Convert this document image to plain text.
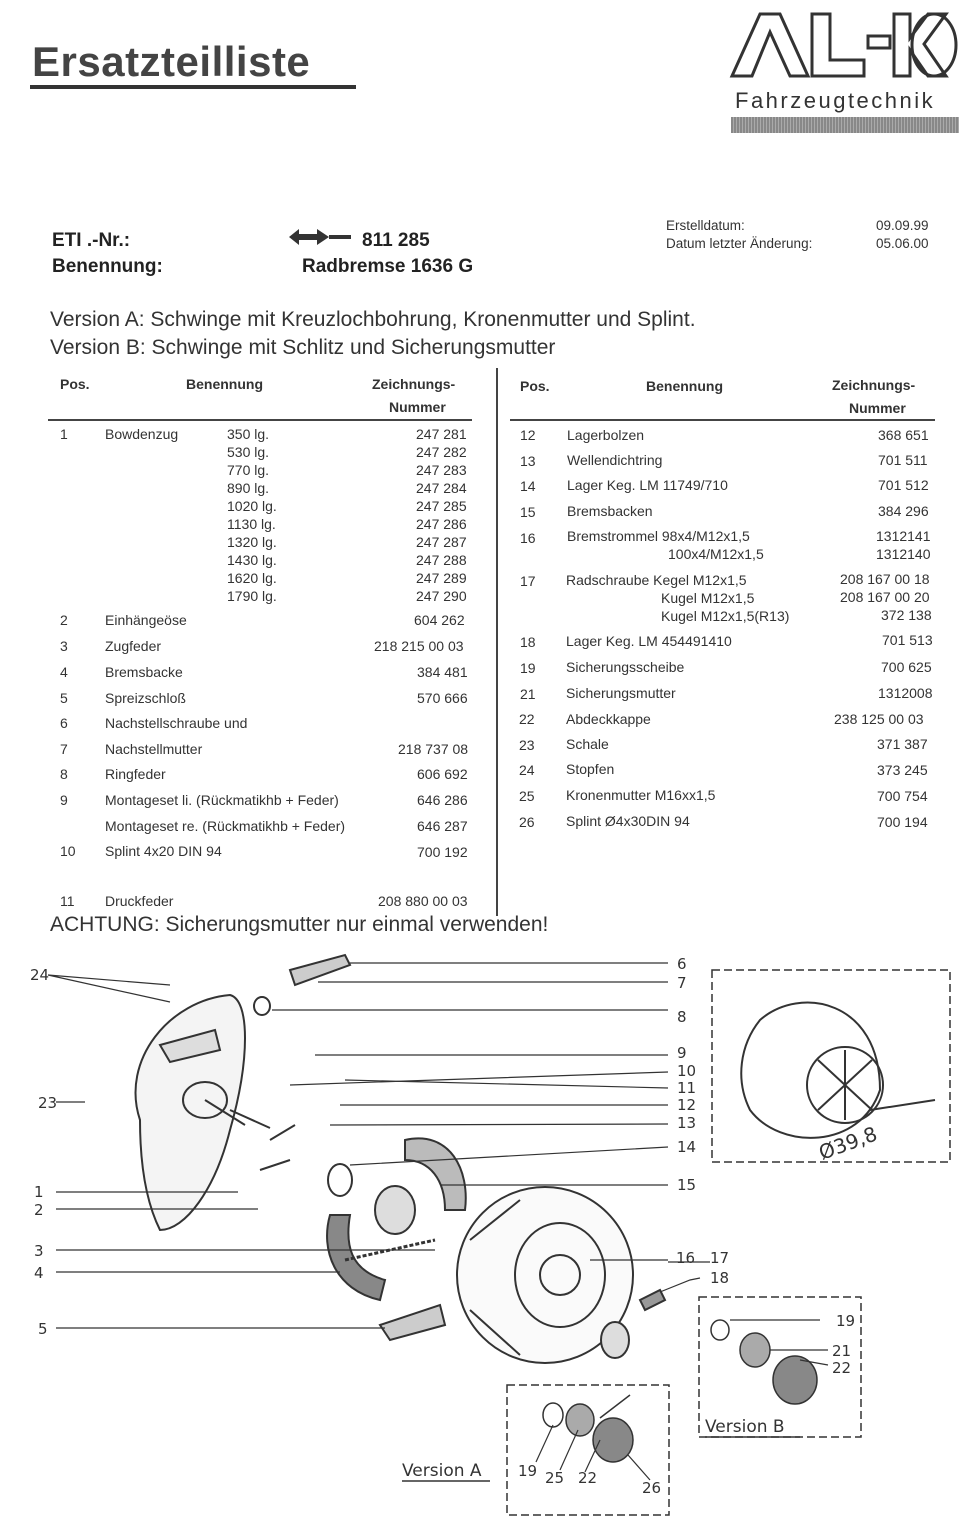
Ersatzteilliste
Fahrzeugtechnik
ETI .-Nr.:
Benennung:
811 285
Radbremse 1636 G
Erstelldatum:
Datum letzter Änderung:
09.09.99
05.06.00
Version A: Schwinge mit Kreuzlochbohrung, Kronenmutter und Splint.
Version B: Schwinge mit Schlitz und Sicherungsmutter
Pos.	Benennung	Zeichnungs-
Nummer
Pos.	Benennung	Zeichnungs-
Nummer
1	Bowdenzug	350 lg.	247 281
530 lg.	247 282
770 lg.	247 283
890 lg.	247 284
1020 lg.	247 285
1130 lg.	247 286
1320 lg.	247 287
1430 lg.	247 288
1620 lg.	247 289
1790 lg.	247 290
2	Einhängeöse	604 262
3	Zugfeder	218 215 00 03
4	Bremsbacke	384 481
5	Spreizschloß	570 666
6	Nachstellschraube und
7	Nachstellmutter	218 737 08
8	Ringfeder	606 692
9	Montageset li. (Rückmatikhb + Feder)	646 286
Montageset re. (Rückmatikhb + Feder)	646 287
10 Splint 4x20 DIN 94	700 192
11 Druckfeder	208 880 00 03
12 Lagerbolzen	368 651
13 Wellendichtring	701 511
14 Lager Keg. LM 11749/710	701 512
15 Bremsbacken	384 296
16 Bremstrommel 98x4/M12x1,5	1312141
100x4/M12x1,5	1312140
17 Radschraube Kegel M12x1,5	208 167 00 18
Kugel M12x1,5	208 167 00 20
Kugel M12x1,5(R13)	372 138
18 Lager Keg. LM 454491410	701 513
19 Sicherungsscheibe	700 625
21 Sicherungsmutter	1312008
22 Abdeckkappe	238 125 00 03
23 Schale	371 387
24 Stopfen	373 245
25 Kronenmutter M16xx1,5	700 754
26 Splint Ø4x30DIN 94	700 194
ACHTUNG: Sicherungsmutter nur einmal verwenden!
24
23
1
2
3
4
5
6
7
8
9
10
11
12
13
14
15
16 17
18
19
21
22
19 25 22
26
Ø39,8
Version B
Version A
